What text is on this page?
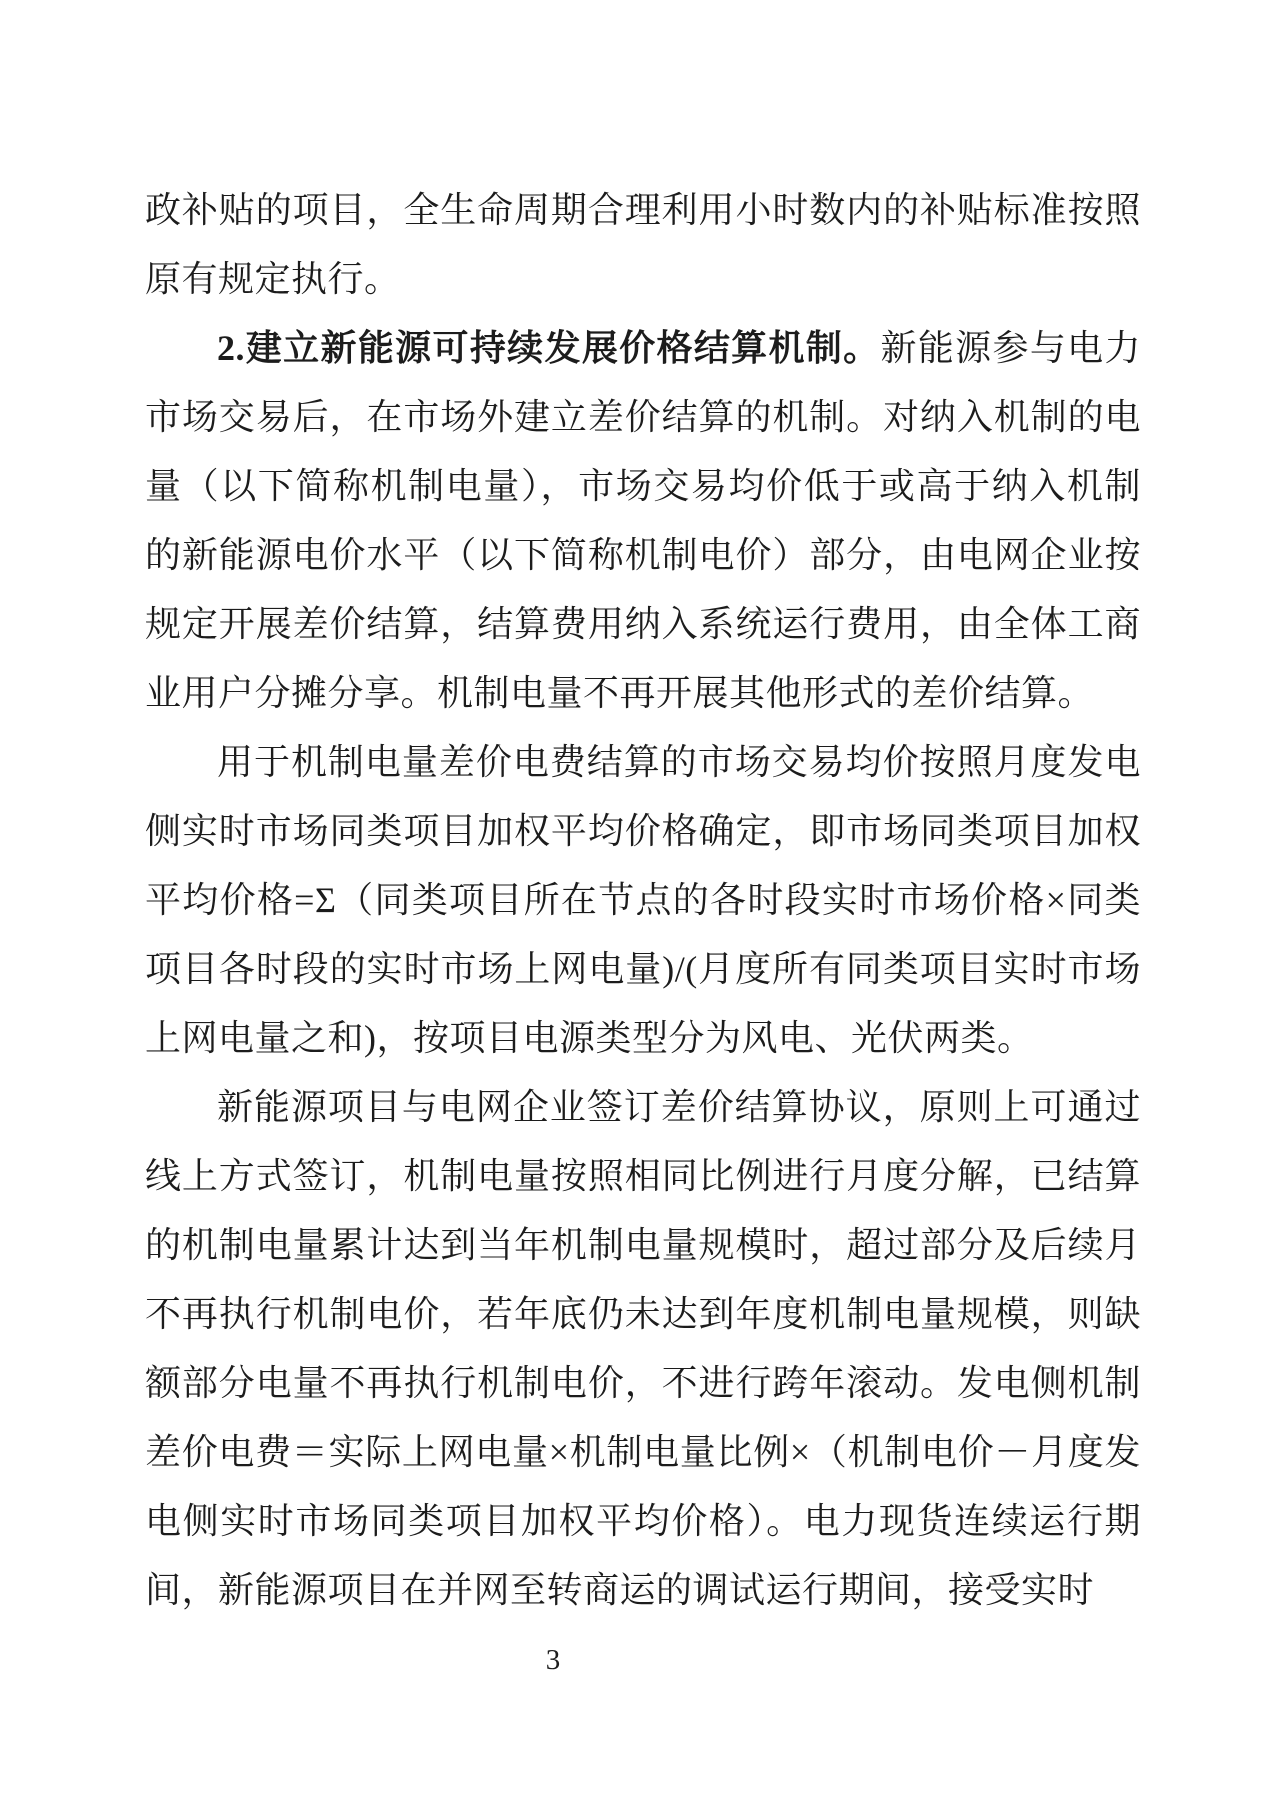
政补贴的项目，全生命周期合理利用小时数内的补贴标准按照原有规定执行。

2.建立新能源可持续发展价格结算机制。新能源参与电力市场交易后，在市场外建立差价结算的机制。对纳入机制的电量（以下简称机制电量），市场交易均价低于或高于纳入机制的新能源电价水平（以下简称机制电价）部分，由电网企业按规定开展差价结算，结算费用纳入系统运行费用，由全体工商业用户分摊分享。机制电量不再开展其他形式的差价结算。

用于机制电量差价电费结算的市场交易均价按照月度发电侧实时市场同类项目加权平均价格确定，即市场同类项目加权平均价格=Σ（同类项目所在节点的各时段实时市场价格×同类项目各时段的实时市场上网电量)/(月度所有同类项目实时市场上网电量之和)，按项目电源类型分为风电、光伏两类。

新能源项目与电网企业签订差价结算协议，原则上可通过线上方式签订，机制电量按照相同比例进行月度分解，已结算的机制电量累计达到当年机制电量规模时，超过部分及后续月不再执行机制电价，若年底仍未达到年度机制电量规模，则缺额部分电量不再执行机制电价，不进行跨年滚动。发电侧机制差价电费＝实际上网电量×机制电量比例×（机制电价－月度发电侧实时市场同类项目加权平均价格）。电力现货连续运行期间，新能源项目在并网至转商运的调试运行期间，接受实时

3
